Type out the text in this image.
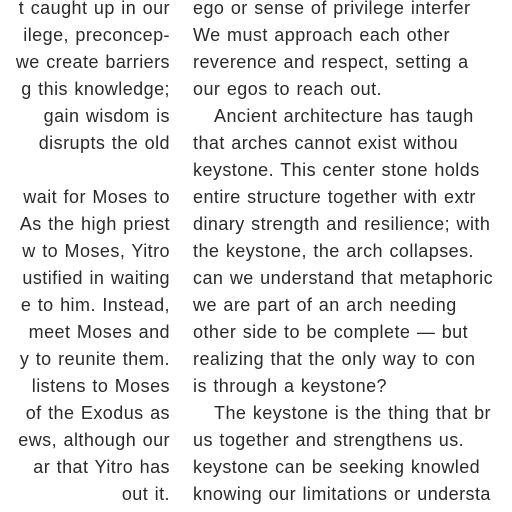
t caught up in our
ilege, preconcep-
we create barriers
g this knowledge;
gain wisdom is
disrupts the old
wait for Moses to
As the high priest
w to Moses, Yitro
ustified in waiting
e to him. Instead,
meet Moses and
y to reunite them.
listens to Moses
of the Exodus as
ews, although our
ar that Yitro has
out it.
ego or sense of privilege interfer
We must approach each other
reverence and respect, setting a
our egos to reach out.
Ancient architecture has taugh
that arches cannot exist withou
keystone. This center stone holds
entire structure together with extr
dinary strength and resilience; with
the keystone, the arch collapses.
can we understand that metaphoric
we are part of an arch needing
other side to be complete — but
realizing that the only way to con
is through a keystone?
The keystone is the thing that br
us together and strengthens us.
keystone can be seeking knowled
knowing our limitations or understa
